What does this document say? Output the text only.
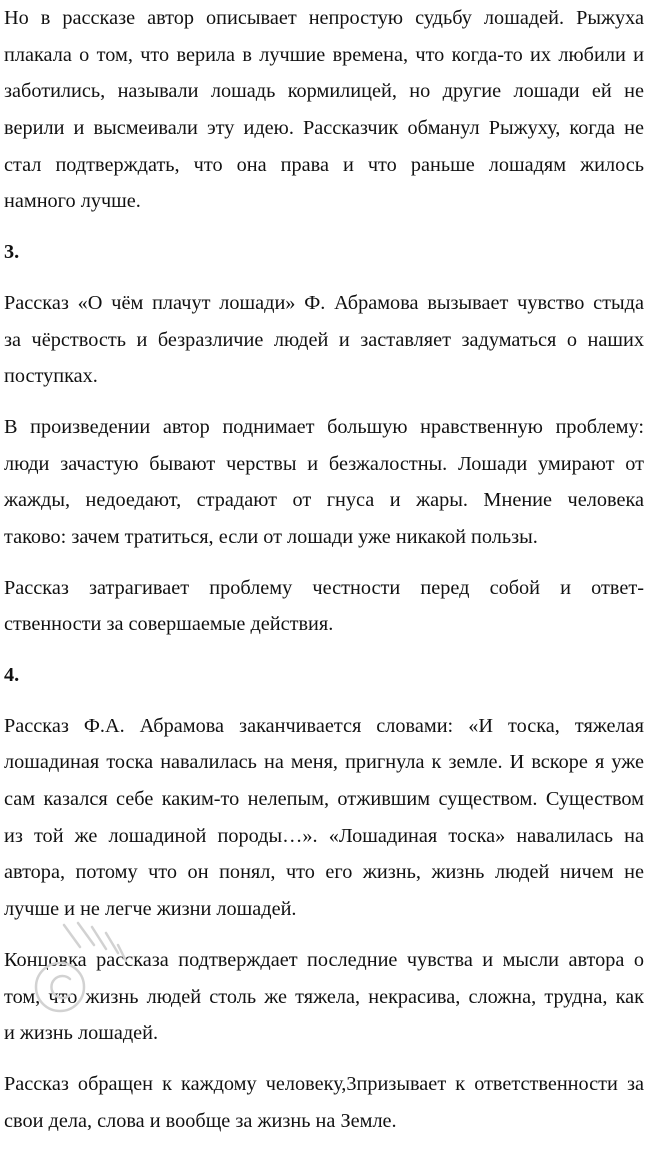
Но в рассказе автор описывает непростую судьбу лошадей. Рыжуха
плакала о том, что верила в лучшие времена, что когда-то их любили и
заботились, называли лошадь кормилицей, но другие лошади ей не
верили и высмеивали эту идею. Рассказчик обманул Рыжуху, когда не
стал подтверждать, что она права и что раньше лошадям жилось
намного лучше.
3.
Рассказ «О чём плачут лошади» Ф. Абрамова вызывает чувство стыда
за чёрствость и безразличие людей и заставляет задуматься о наших
поступках.
В произведении автор поднимает большую нравственную проблему:
люди зачастую бывают черствы и безжалостны. Лошади умирают от
жажды, недоедают, страдают от гнуса и жары. Мнение человека
таково: зачем тратиться, если от лошади уже никакой пользы.
Рассказ затрагивает проблему честности перед собой и ответ-
ственности за совершаемые действия.
4.
Рассказ Ф.А. Абрамова заканчивается словами: «И тоска, тяжелая
лошадиная тоска навалилась на меня, пригнула к земле. И вскоре я уже
сам казался себе каким-то нелепым, отжившим существом. Существом
из той же лошадиной породы…». «Лошадиная тоска» навалилась на
автора, потому что он понял, что его жизнь, жизнь людей ничем не
лучше и не легче жизни лошадей.
Концовка рассказа подтверждает последние чувства и мысли автора о
том, что жизнь людей столь же тяжела, некрасива, сложна, трудна, как
и жизнь лошадей.
Рассказ обращен к каждому человеку,3призывает к ответственности за
свои дела, слова и вообще за жизнь на Земле.
